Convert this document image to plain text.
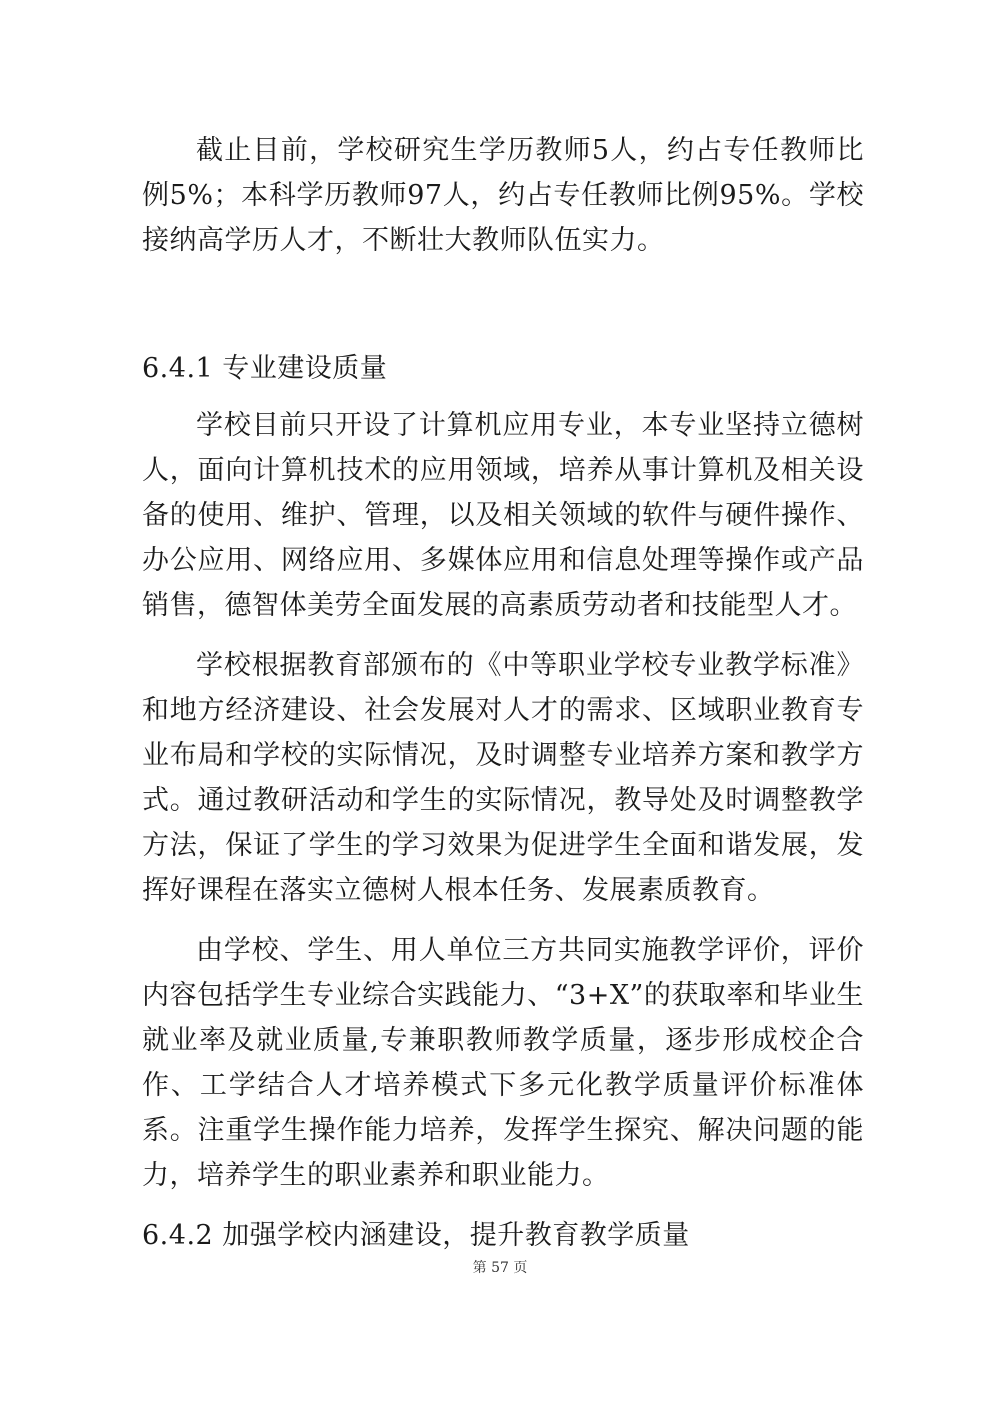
截止目前，学校研究生学历教师5人，约占专任教师比例5%；本科学历教师97人，约占专任教师比例95%。学校接纳高学历人才，不断壮大教师队伍实力。

6.4.1 专业建设质量

学校目前只开设了计算机应用专业，本专业坚持立德树人，面向计算机技术的应用领域，培养从事计算机及相关设备的使用、维护、管理，以及相关领域的软件与硬件操作、办公应用、网络应用、多媒体应用和信息处理等操作或产品销售，德智体美劳全面发展的高素质劳动者和技能型人才。

学校根据教育部颁布的《中等职业学校专业教学标准》和地方经济建设、社会发展对人才的需求、区域职业教育专业布局和学校的实际情况，及时调整专业培养方案和教学方式。通过教研活动和学生的实际情况，教导处及时调整教学方法，保证了学生的学习效果为促进学生全面和谐发展，发挥好课程在落实立德树人根本任务、发展素质教育。

由学校、学生、用人单位三方共同实施教学评价，评价内容包括学生专业综合实践能力、“3+X”的获取率和毕业生就业率及就业质量,专兼职教师教学质量，逐步形成校企合作、工学结合人才培养模式下多元化教学质量评价标准体系。注重学生操作能力培养，发挥学生探究、解决问题的能力，培养学生的职业素养和职业能力。

6.4.2 加强学校内涵建设，提升教育教学质量

第 57 页
